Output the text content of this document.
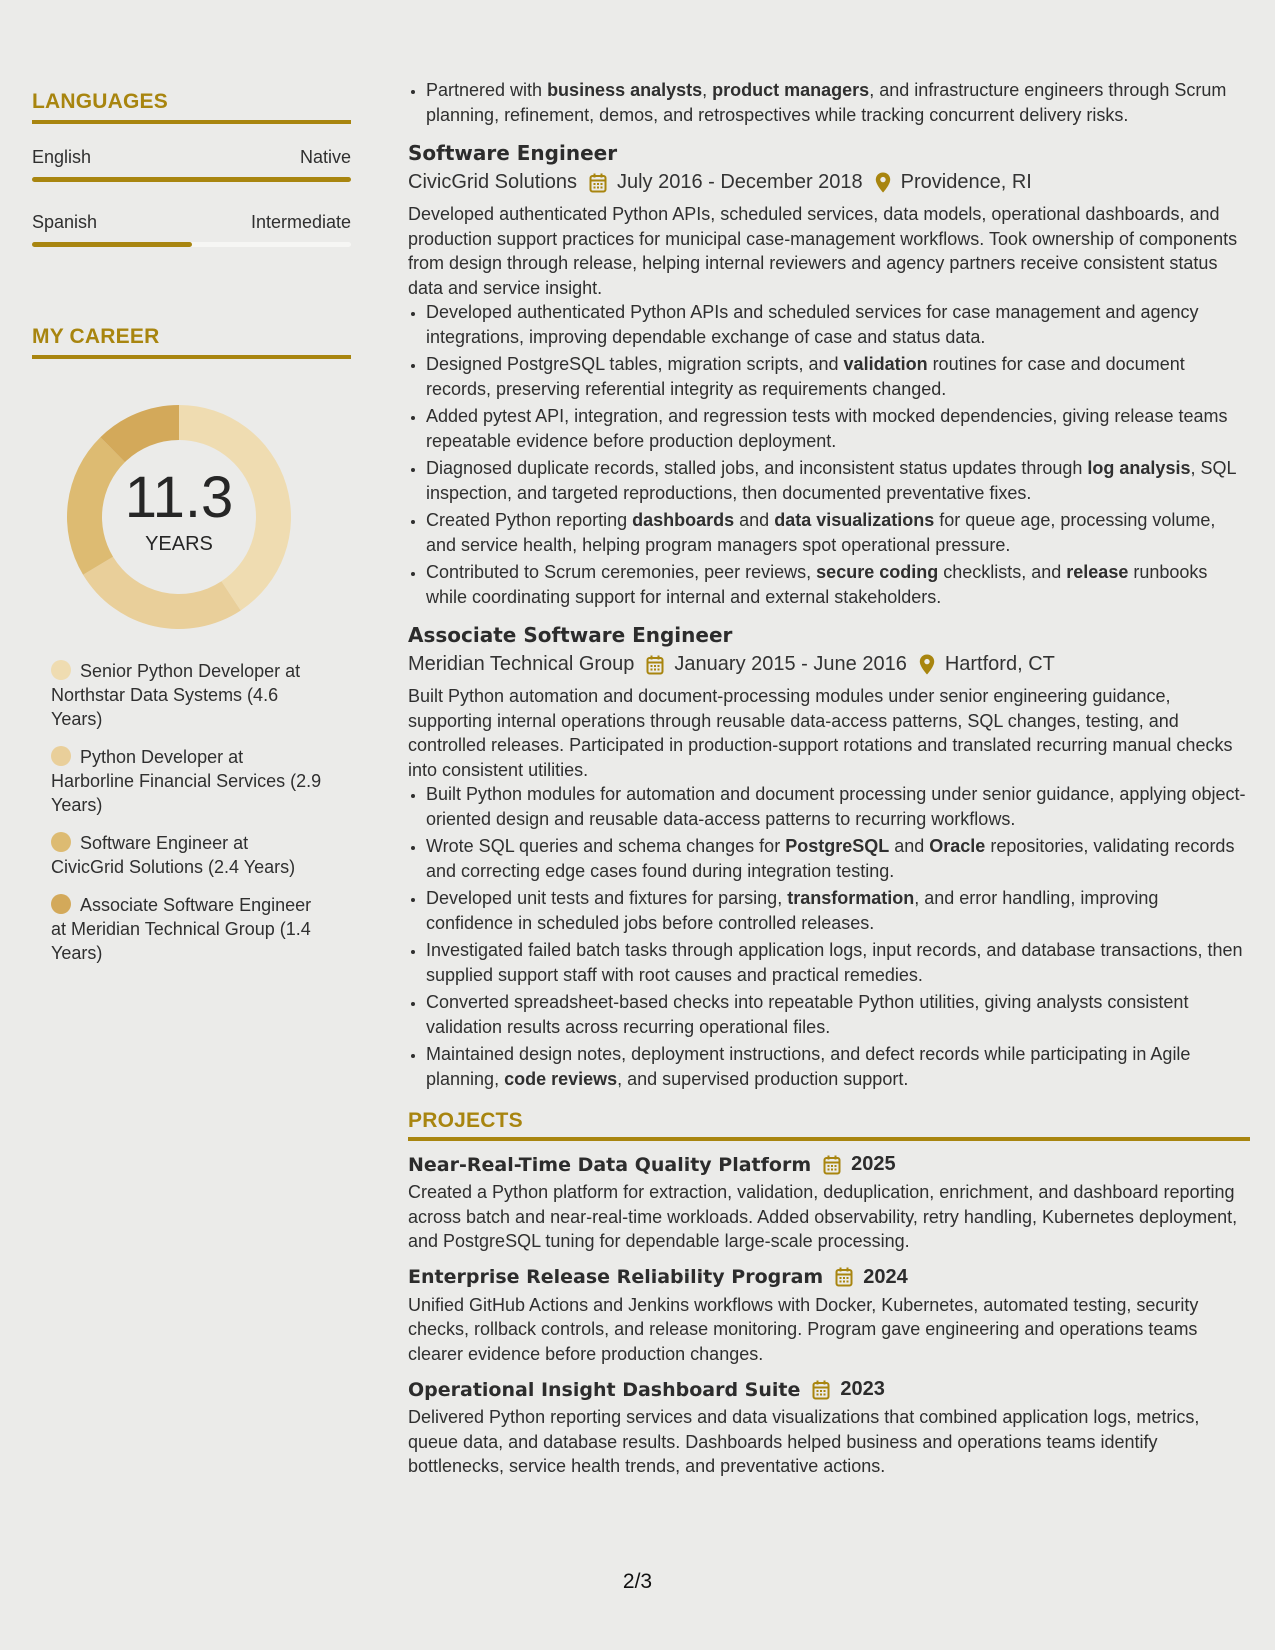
LANGUAGES
English	Native
Spanish	Intermediate
MY CAREER
11.3
YEARS
Senior Python Developer at Northstar Data Systems (4.6 Years)
Python Developer at Harborline Financial Services (2.9 Years)
Software Engineer at CivicGrid Solutions (2.4 Years)
Associate Software Engineer at Meridian Technical Group (1.4 Years)
• Partnered with business analysts, product managers, and infrastructure engineers through Scrum planning, refinement, demos, and retrospectives while tracking concurrent delivery risks.
Software Engineer
CivicGrid Solutions July 2016 - December 2018 Providence, RI
Developed authenticated Python APIs, scheduled services, data models, operational dashboards, and production support practices for municipal case-management workflows. Took ownership of components from design through release, helping internal reviewers and agency partners receive consistent status data and service insight.
• Developed authenticated Python APIs and scheduled services for case management and agency integrations, improving dependable exchange of case and status data.
• Designed PostgreSQL tables, migration scripts, and validation routines for case and document records, preserving referential integrity as requirements changed.
• Added pytest API, integration, and regression tests with mocked dependencies, giving release teams repeatable evidence before production deployment.
• Diagnosed duplicate records, stalled jobs, and inconsistent status updates through log analysis, SQL inspection, and targeted reproductions, then documented preventative fixes.
• Created Python reporting dashboards and data visualizations for queue age, processing volume, and service health, helping program managers spot operational pressure.
• Contributed to Scrum ceremonies, peer reviews, secure coding checklists, and release runbooks while coordinating support for internal and external stakeholders.
Associate Software Engineer
Meridian Technical Group January 2015 - June 2016 Hartford, CT
Built Python automation and document-processing modules under senior engineering guidance, supporting internal operations through reusable data-access patterns, SQL changes, testing, and controlled releases. Participated in production-support rotations and translated recurring manual checks into consistent utilities.
• Built Python modules for automation and document processing under senior guidance, applying object-oriented design and reusable data-access patterns to recurring workflows.
• Wrote SQL queries and schema changes for PostgreSQL and Oracle repositories, validating records and correcting edge cases found during integration testing.
• Developed unit tests and fixtures for parsing, transformation, and error handling, improving confidence in scheduled jobs before controlled releases.
• Investigated failed batch tasks through application logs, input records, and database transactions, then supplied support staff with root causes and practical remedies.
• Converted spreadsheet-based checks into repeatable Python utilities, giving analysts consistent validation results across recurring operational files.
• Maintained design notes, deployment instructions, and defect records while participating in Agile planning, code reviews, and supervised production support.
PROJECTS
Near-Real-Time Data Quality Platform 2025
Created a Python platform for extraction, validation, deduplication, enrichment, and dashboard reporting across batch and near-real-time workloads. Added observability, retry handling, Kubernetes deployment, and PostgreSQL tuning for dependable large-scale processing.
Enterprise Release Reliability Program 2024
Unified GitHub Actions and Jenkins workflows with Docker, Kubernetes, automated testing, security checks, rollback controls, and release monitoring. Program gave engineering and operations teams clearer evidence before production changes.
Operational Insight Dashboard Suite 2023
Delivered Python reporting services and data visualizations that combined application logs, metrics, queue data, and database results. Dashboards helped business and operations teams identify bottlenecks, service health trends, and preventative actions.
2/3
